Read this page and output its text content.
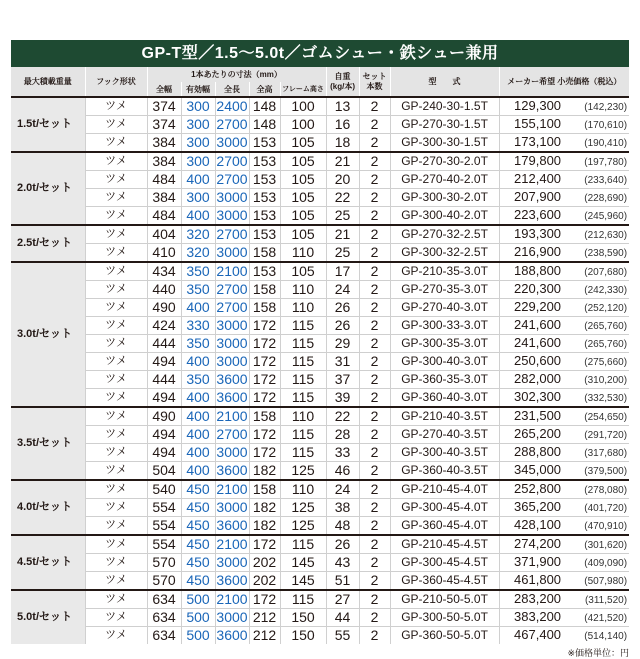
GP-T型／1.5～5.0t／ゴムシュー・鉄シュー兼用
最大積載重量	フック形状	1本あたりの寸法（mm）					自重 (kg/本)	セット 本数	型　　式	メーカー希望 小売価格（税込）
		全幅	有効幅	全長	全高	フレーム高さ				
1.5t/セット	ツメ	374	300	2400	148	100	13	2	GP-240-30-1.5T	129,300 (142,230)
	ツメ	374	300	2700	148	100	16	2	GP-270-30-1.5T	155,100 (170,610)
	ツメ	384	300	3000	153	105	18	2	GP-300-30-1.5T	173,100 (190,410)
2.0t/セット	ツメ	384	300	2700	153	105	21	2	GP-270-30-2.0T	179,800 (197,780)
	ツメ	484	400	2700	153	105	20	2	GP-270-40-2.0T	212,400 (233,640)
	ツメ	384	300	3000	153	105	22	2	GP-300-30-2.0T	207,900 (228,690)
	ツメ	484	400	3000	153	105	25	2	GP-300-40-2.0T	223,600 (245,960)
2.5t/セット	ツメ	404	320	2700	153	105	21	2	GP-270-32-2.5T	193,300 (212,630)
	ツメ	410	320	3000	158	110	25	2	GP-300-32-2.5T	216,900 (238,590)
3.0t/セット	ツメ	434	350	2100	153	105	17	2	GP-210-35-3.0T	188,800 (207,680)
	ツメ	440	350	2700	158	110	24	2	GP-270-35-3.0T	220,300 (242,330)
	ツメ	490	400	2700	158	110	26	2	GP-270-40-3.0T	229,200 (252,120)
	ツメ	424	330	3000	172	115	26	2	GP-300-33-3.0T	241,600 (265,760)
	ツメ	444	350	3000	172	115	29	2	GP-300-35-3.0T	241,600 (265,760)
	ツメ	494	400	3000	172	115	31	2	GP-300-40-3.0T	250,600 (275,660)
	ツメ	444	350	3600	172	115	37	2	GP-360-35-3.0T	282,000 (310,200)
	ツメ	494	400	3600	172	115	39	2	GP-360-40-3.0T	302,300 (332,530)
3.5t/セット	ツメ	490	400	2100	158	110	22	2	GP-210-40-3.5T	231,500 (254,650)
	ツメ	494	400	2700	172	115	28	2	GP-270-40-3.5T	265,200 (291,720)
	ツメ	494	400	3000	172	115	33	2	GP-300-40-3.5T	288,800 (317,680)
	ツメ	504	400	3600	182	125	46	2	GP-360-40-3.5T	345,000 (379,500)
4.0t/セット	ツメ	540	450	2100	158	110	24	2	GP-210-45-4.0T	252,800 (278,080)
	ツメ	554	450	3000	182	125	38	2	GP-300-45-4.0T	365,200 (401,720)
	ツメ	554	450	3600	182	125	48	2	GP-360-45-4.0T	428,100 (470,910)
4.5t/セット	ツメ	554	450	2100	172	115	26	2	GP-210-45-4.5T	274,200 (301,620)
	ツメ	570	450	3000	202	145	43	2	GP-300-45-4.5T	371,900 (409,090)
	ツメ	570	450	3600	202	145	51	2	GP-360-45-4.5T	461,800 (507,980)
5.0t/セット	ツメ	634	500	2100	172	115	27	2	GP-210-50-5.0T	283,200 (311,520)
	ツメ	634	500	3000	212	150	44	2	GP-300-50-5.0T	383,200 (421,520)
	ツメ	634	500	3600	212	150	55	2	GP-360-50-5.0T	467,400 (514,140)
※価格単位：円
